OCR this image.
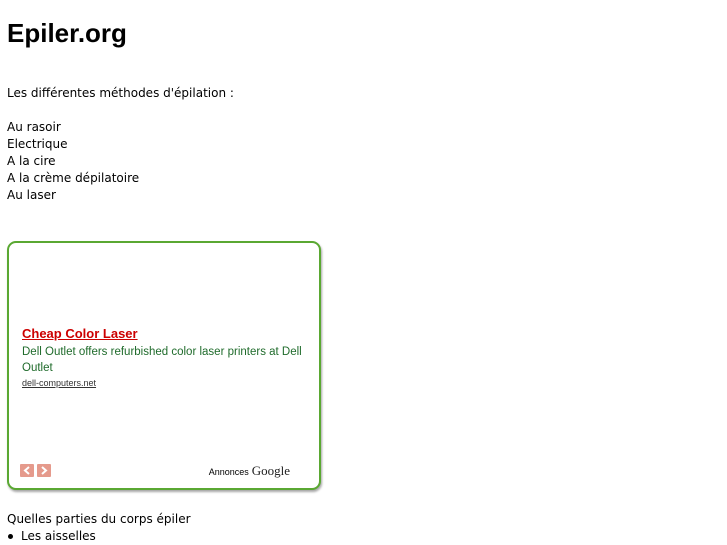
Epiler.org

Les différentes méthodes d'épilation :

Au rasoir
Electrique
A la cire
A la crème dépilatoire
Au laser
Cheap Color Laser
Dell Outlet offers refurbished color laser printers at Dell Outlet
dell-computers.net
Annonces Google

Quelles parties du corps épiler

Les aisselles
